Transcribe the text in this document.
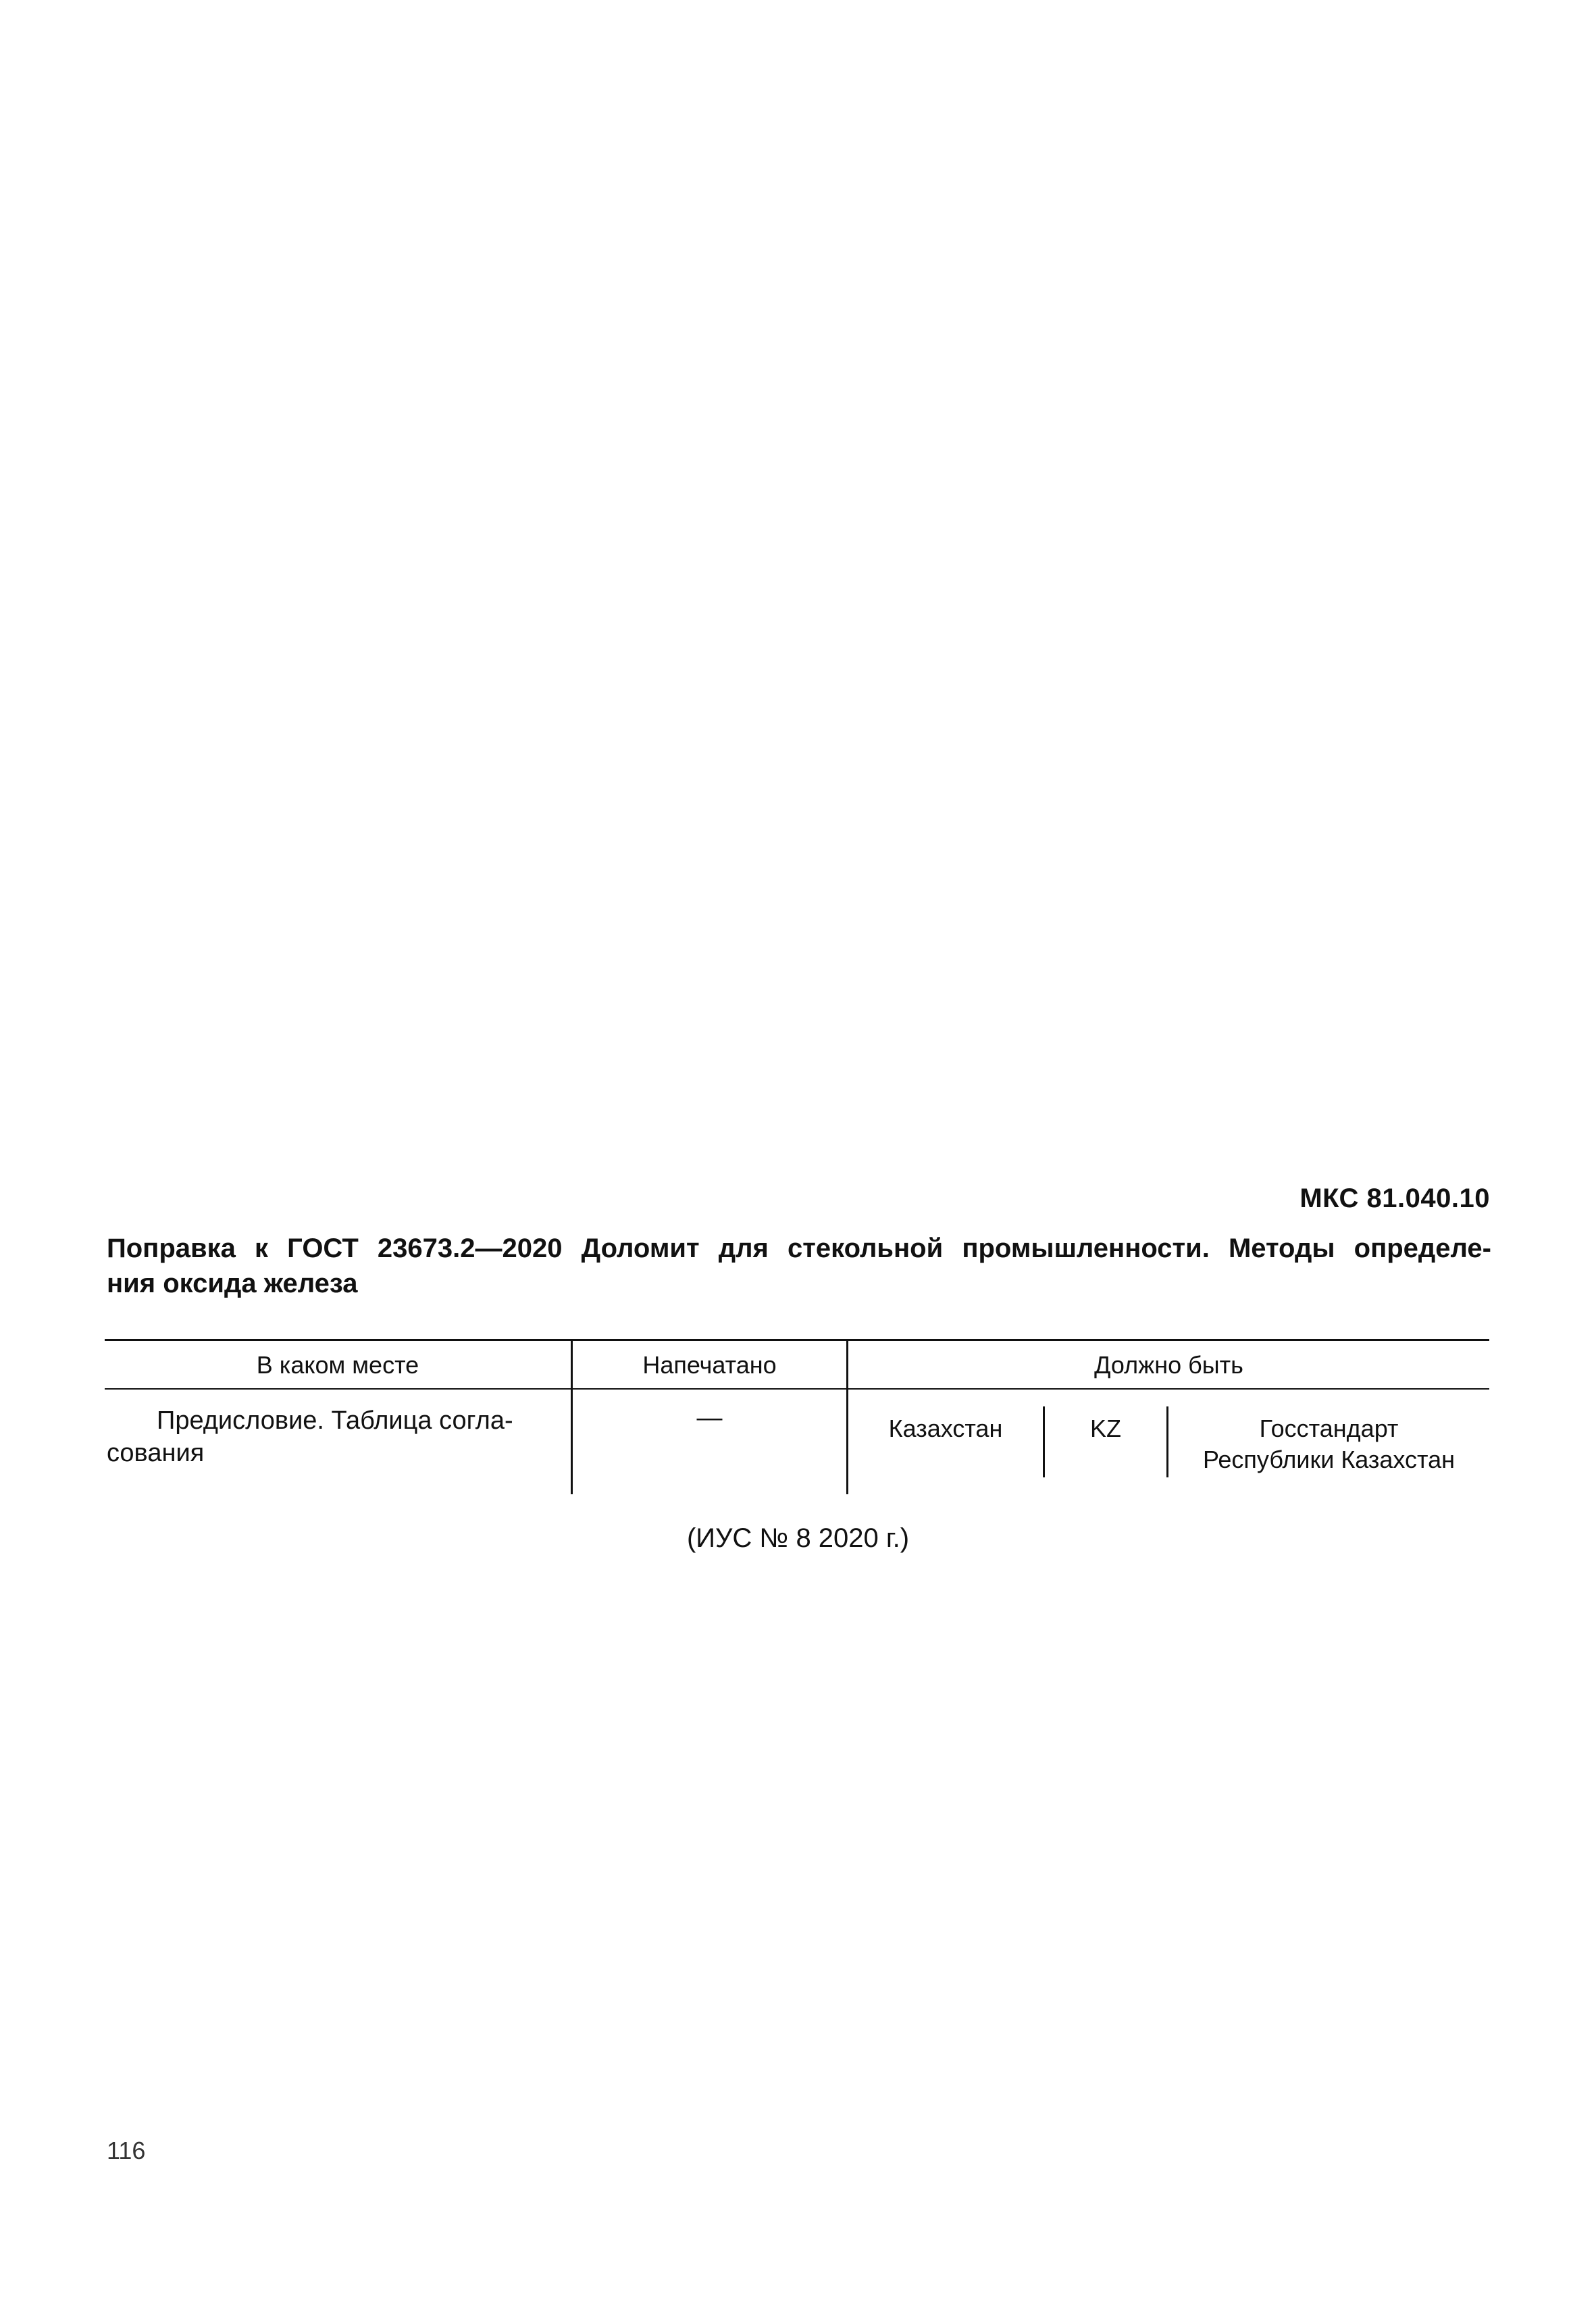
МКС 81.040.10
Поправка к ГОСТ 23673.2—2020 Доломит для стекольной промышленности. Методы определе-
ния оксида железа
В каком месте	Напечатано	Должно быть
Предисловие. Таблица согла-
сования
—	Казахстан	KZ	Госстандарт
Республики Казахстан
(ИУС № 8 2020 г.)
116
